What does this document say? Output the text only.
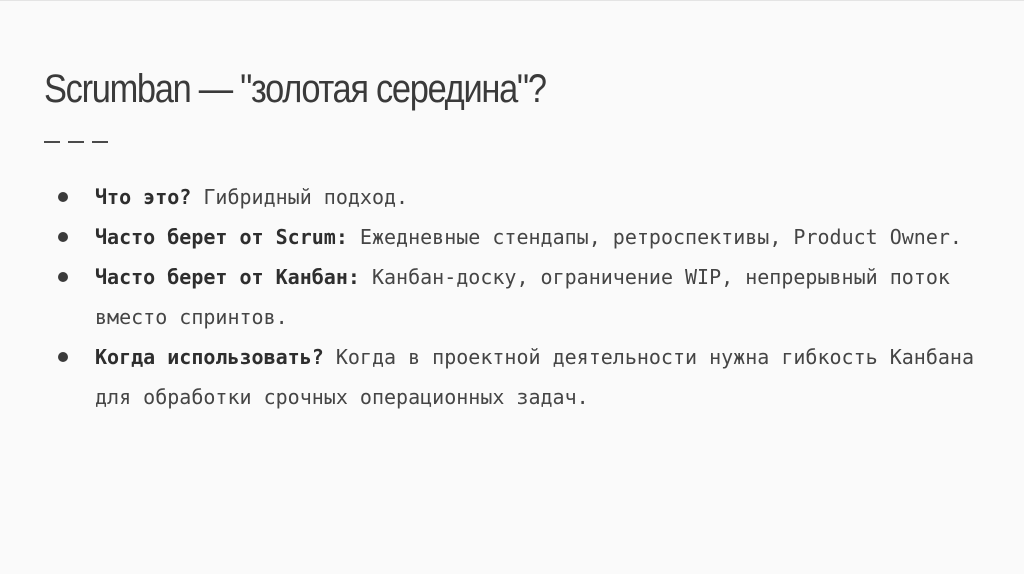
Scrumban — "золотая середина"?
Что это? Гибридный подход.
Часто берет от Scrum: Ежедневные стендапы, ретроспективы, Product Owner.
Часто берет от Канбан: Канбан-доску, ограничение WIP, непрерывный поток вместо спринтов.
Когда использовать? Когда в проектной деятельности нужна гибкость Канбана для обработки срочных операционных задач.
